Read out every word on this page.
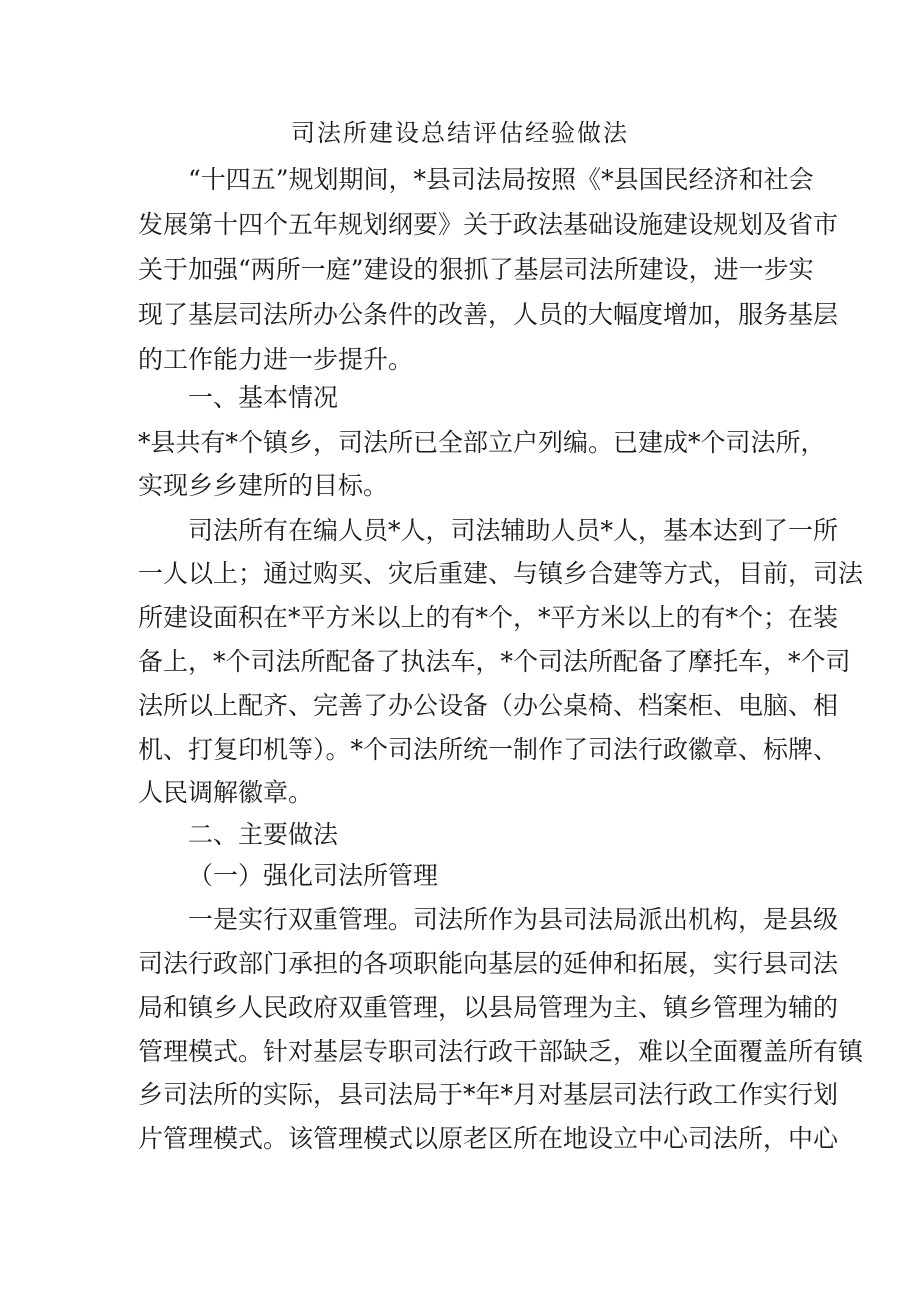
司法所建设总结评估经验做法
“十四五”规划期间，*县司法局按照《*县国民经济和社会
发展第十四个五年规划纲要》关于政法基础设施建设规划及省市
关于加强“两所一庭”建设的狠抓了基层司法所建设，进一步实
现了基层司法所办公条件的改善，人员的大幅度增加，服务基层
的工作能力进一步提升。
一、基本情况
*县共有*个镇乡，司法所已全部立户列编。已建成*个司法所，
实现乡乡建所的目标。
司法所有在编人员*人，司法辅助人员*人，基本达到了一所
一人以上；通过购买、灾后重建、与镇乡合建等方式，目前，司法
所建设面积在*平方米以上的有*个，*平方米以上的有*个；在装
备上，*个司法所配备了执法车，*个司法所配备了摩托车，*个司
法所以上配齐、完善了办公设备（办公桌椅、档案柜、电脑、相
机、打复印机等）。*个司法所统一制作了司法行政徽章、标牌、
人民调解徽章。
二、主要做法
（一）强化司法所管理
一是实行双重管理。司法所作为县司法局派出机构，是县级
司法行政部门承担的各项职能向基层的延伸和拓展，实行县司法
局和镇乡人民政府双重管理，以县局管理为主、镇乡管理为辅的
管理模式。针对基层专职司法行政干部缺乏，难以全面覆盖所有镇
乡司法所的实际，县司法局于*年*月对基层司法行政工作实行划
片管理模式。该管理模式以原老区所在地设立中心司法所，中心
